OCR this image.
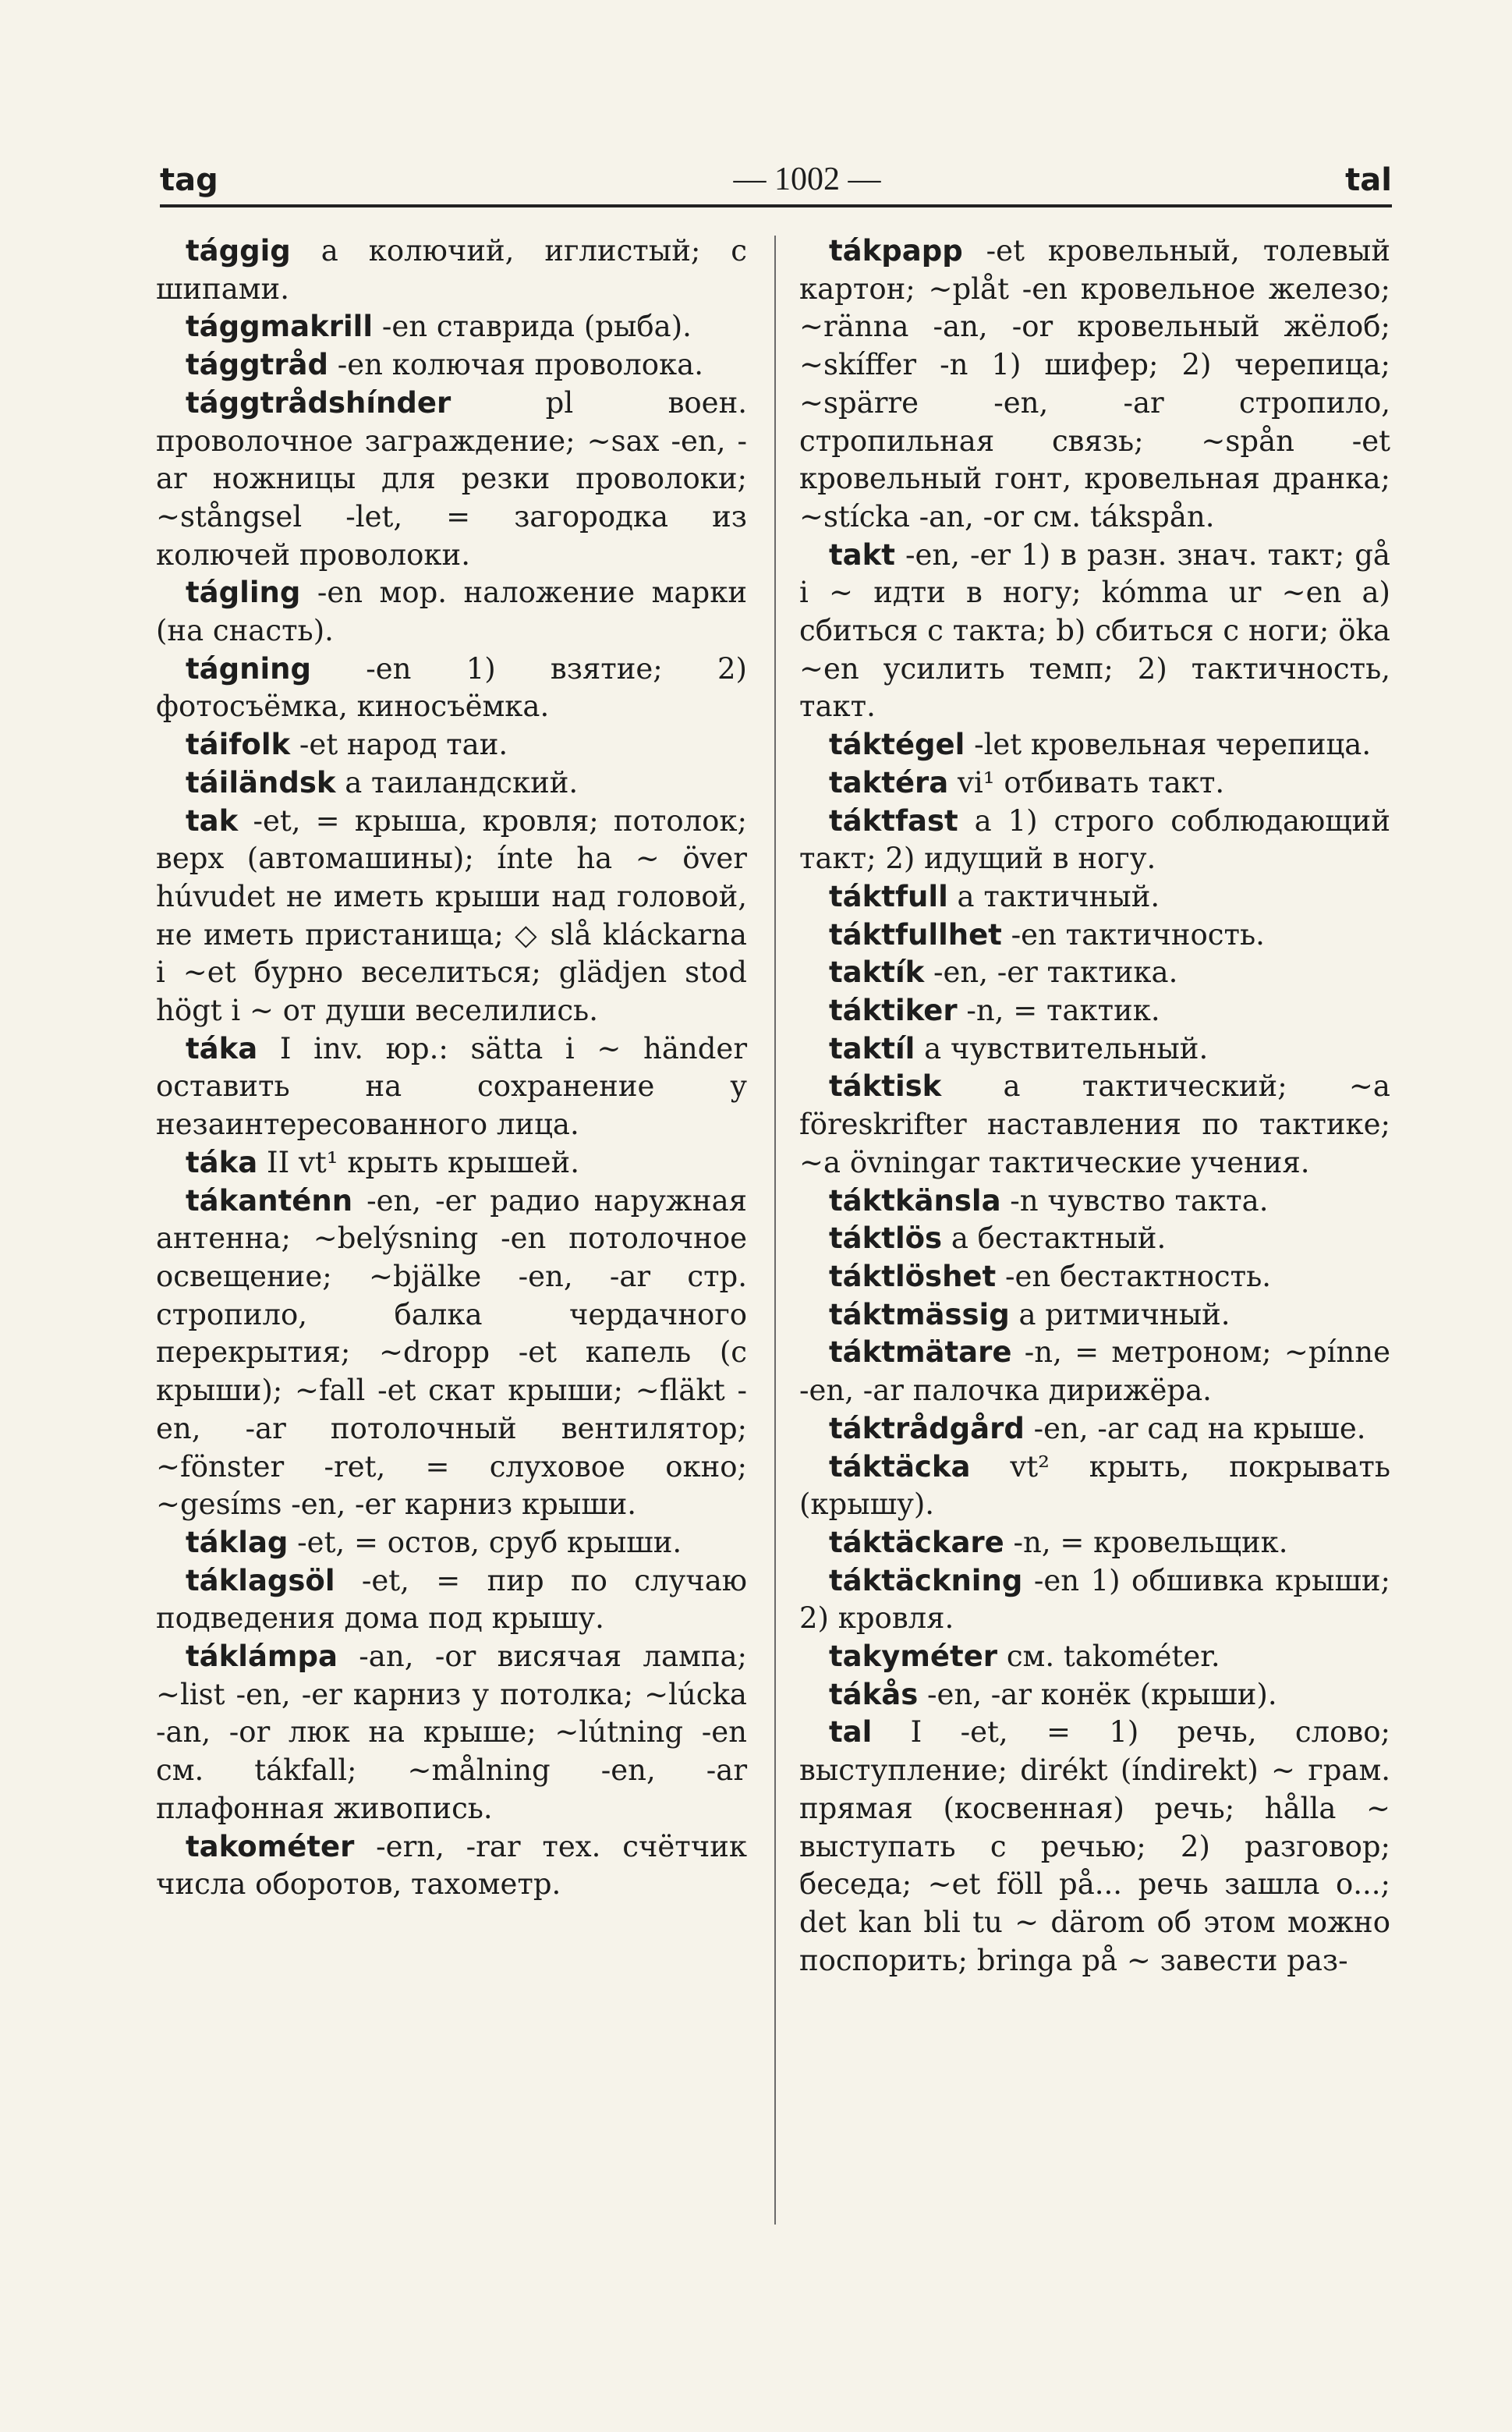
tag	— 1002 —	tal

tággig a колючий, иглистый; с шипами.

tággmakrill -en ставрида (рыба).

tággtråd -en колючая проволока.

tággtrådshínder pl воен. проволочное заграждение; ~sax -en, -ar ножницы для резки проволоки; ~stångsel -let, = загородка из колючей проволоки.

tágling -en мор. наложение марки (на снасть).

tágning -en 1) взятие; 2) фотосъёмка, киносъёмка.

táifolk -et народ таи.

táiländsk a таиландский.

tak -et, = крыша, кровля; потолок; верх (автомашины); ínte ha ~ över húvudet не иметь крыши над головой, не иметь пристанища; ◇ slå kláckarna i ~et бурно веселиться; glädjen stod högt i ~ от души веселились.

táka I inv. юр.: sätta i ~ händer оставить на сохранение у незаинтересованного лица.

táka II vt¹ крыть крышей.

tákanténn -en, -er радио наружная антенна; ~belýsning -en потолочное освещение; ~bjälke -en, -ar стр. стропило, балка чердачного перекрытия; ~dropp -et капель (с крыши); ~fall -et скат крыши; ~fläkt -en, -ar потолочный вентилятор; ~fönster -ret, = слуховое окно; ~gesíms -en, -er карниз крыши.

táklag -et, = остов, сруб крыши.

táklagsöl -et, = пир по случаю подведения дома под крышу.

táklámpa -an, -or висячая лампа; ~list -en, -er карниз у потолка; ~lúcka -an, -or люк на крыше; ~lútning -en см. tákfall; ~målning -en, -ar плафонная живопись.

takométer -ern, -rar тех. счётчик числа оборотов, тахометр.

tákpapp -et кровельный, толевый картон; ~plåt -en кровельное железо; ~ränna -an, -or кровельный жёлоб; ~skíffer -n 1) шифер; 2) черепица; ~spärre -en, -ar стропило, стропильная связь; ~spån -et кровельный гонт, кровельная дранка; ~stícka -an, -or см. tákspån.

takt -en, -er 1) в разн. знач. такт; gå i ~ идти в ногу; kómma ur ~en a) сбиться с такта; b) сбиться с ноги; öka ~en усилить темп; 2) тактичность, такт.

táktégel -let кровельная черепица.

taktéra vi¹ отбивать такт.

táktfast a 1) строго соблюдающий такт; 2) идущий в ногу.

táktfull a тактичный.

táktfullhet -en тактичность.

taktík -en, -er тактика.

táktiker -n, = тактик.

taktíl a чувствительный.

táktisk a тактический; ~a föreskrifter наставления по тактике; ~a övningar тактические учения.

táktkänsla -n чувство такта.

táktlös a бестактный.

táktlöshet -en бестактность.

táktmässig a ритмичный.

táktmätare -n, = метроном; ~pínne -en, -ar палочка дирижёра.

táktrådgård -en, -ar сад на крыше.

táktäcka vt² крыть, покрывать (крышу).

táktäckare -n, = кровельщик.

táktäckning -en 1) обшивка крыши; 2) кровля.

takyméter см. takométer.

tákås -en, -ar конёк (крыши).

tal I -et, = 1) речь, слово; выступление; dirékt (índirekt) ~ грам. прямая (косвенная) речь; hålla ~ выступать с речью; 2) разговор; беседа; ~et föll på... речь зашла о...; det kan bli tu ~ därom об этом можно поспорить; bringa på ~ завести раз-
